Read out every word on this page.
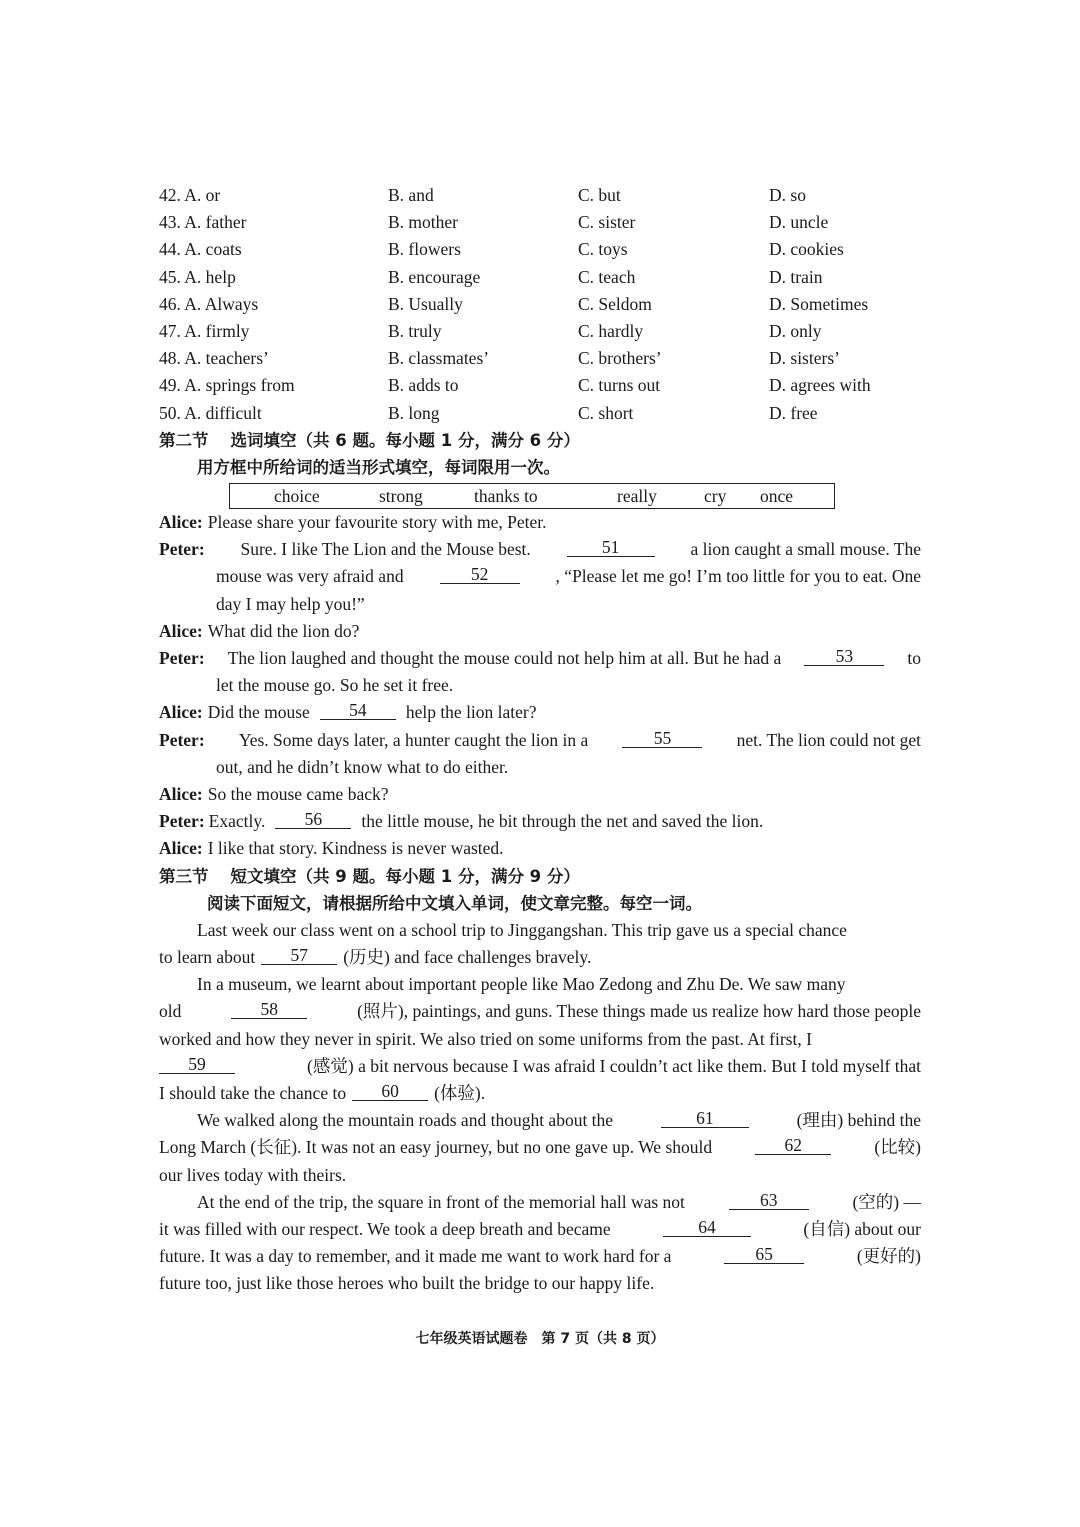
42. A. or	B. and	C. but	D. so
43. A. father	B. mother	C. sister	D. uncle
44. A. coats	B. flowers	C. toys	D. cookies
45. A. help	B. encourage	C. teach	D. train
46. A. Always	B. Usually	C. Seldom	D. Sometimes
47. A. firmly	B. truly	C. hardly	D. only
48. A. teachers’	B. classmates’	C. brothers’	D. sisters’
49. A. springs from	B. adds to	C. turns out	D. agrees with
50. A. difficult	B. long	C. short	D. free
第二节 选词填空（共 6 题。每小题 1 分，满分 6 分）
用方框中所给词的适当形式填空，每词限用一次。
choice	strong	thanks to	really	cry once
Alice: Please share your favourite story with me, Peter.
Peter: Sure. I like The Lion and the Mouse best.	51	a lion caught a small mouse. The
mouse was very afraid and	52	, “Please let me go! I’m too little for you to eat. One
day I may help you!”
Alice: What did the lion do?
Peter: The lion laughed and thought the mouse could not help him at all. But he had a	53	to
let the mouse go. So he set it free.
Alice: Did the mouse	54	help the lion later?
Peter: Yes. Some days later, a hunter caught the lion in a	55	net. The lion could not get
out, and he didn’t know what to do either.
Alice: So the mouse came back?
Peter: Exactly.	56	the little mouse, he bit through the net and saved the lion.
Alice: I like that story. Kindness is never wasted.
第三节 短文填空（共 9 题。每小题 1 分，满分 9 分）
阅读下面短文，请根据所给中文填入单词，使文章完整。每空一词。
Last week our class went on a school trip to Jinggangshan. This trip gave us a special chance
to learn about	57	(历史) and face challenges bravely.
In a museum, we learnt about important people like Mao Zedong and Zhu De. We saw many
old	58	(照片), paintings, and guns. These things made us realize how hard those people
worked and how they never in spirit. We also tried on some uniforms from the past. At first, I
59	(感觉) a bit nervous because I was afraid I couldn’t act like them. But I told myself that
I should take the chance to	60	(体验).
We walked along the mountain roads and thought about the	61	(理由) behind the
Long March (长征). It was not an easy journey, but no one gave up. We should	62	(比较)
our lives today with theirs.
At the end of the trip, the square in front of the memorial hall was not	63	(空的) —
it was filled with our respect. We took a deep breath and became	64	(自信) about our
future. It was a day to remember, and it made me want to work hard for a	65	(更好的)
future too, just like those heroes who built the bridge to our happy life.
七年级英语试题卷 第 7 页（共 8 页）
